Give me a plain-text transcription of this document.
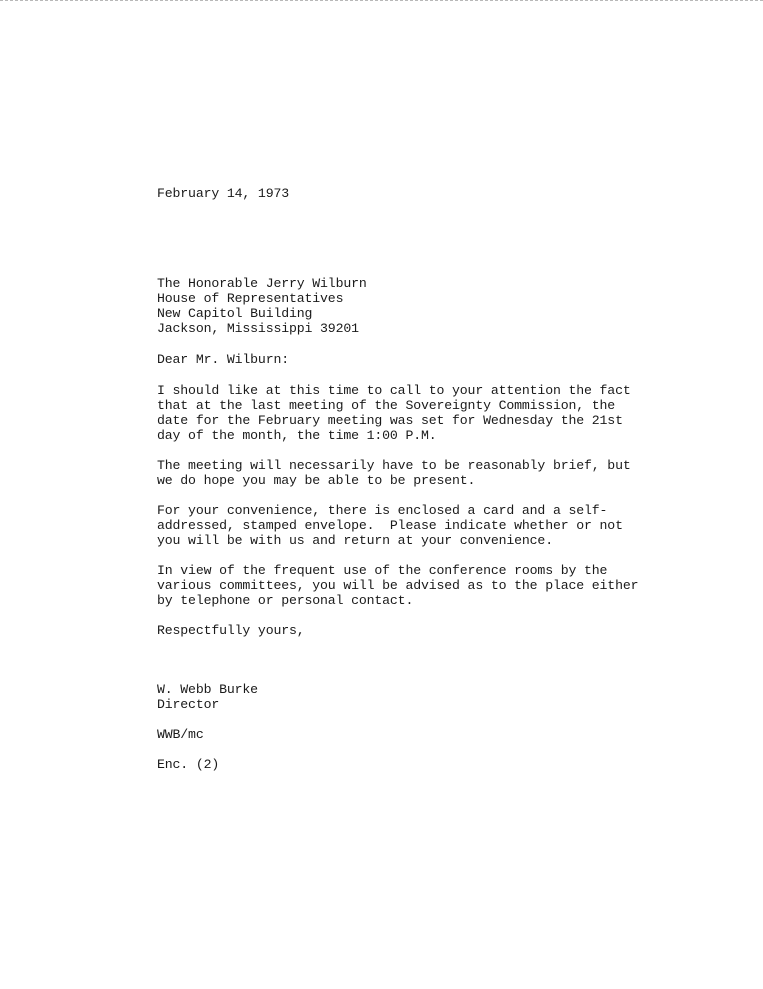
February 14, 1973

The Honorable Jerry Wilburn
House of Representatives
New Capitol Building
Jackson, Mississippi 39201

Dear Mr. Wilburn:

I should like at this time to call to your attention the fact
that at the last meeting of the Sovereignty Commission, the
date for the February meeting was set for Wednesday the 21st
day of the month, the time 1:00 P.M.

The meeting will necessarily have to be reasonably brief, but
we do hope you may be able to be present.

For your convenience, there is enclosed a card and a self-
addressed, stamped envelope.  Please indicate whether or not
you will be with us and return at your convenience.

In view of the frequent use of the conference rooms by the
various committees, you will be advised as to the place either
by telephone or personal contact.

Respectfully yours,

W. Webb Burke
Director

WWB/mc

Enc. (2)
